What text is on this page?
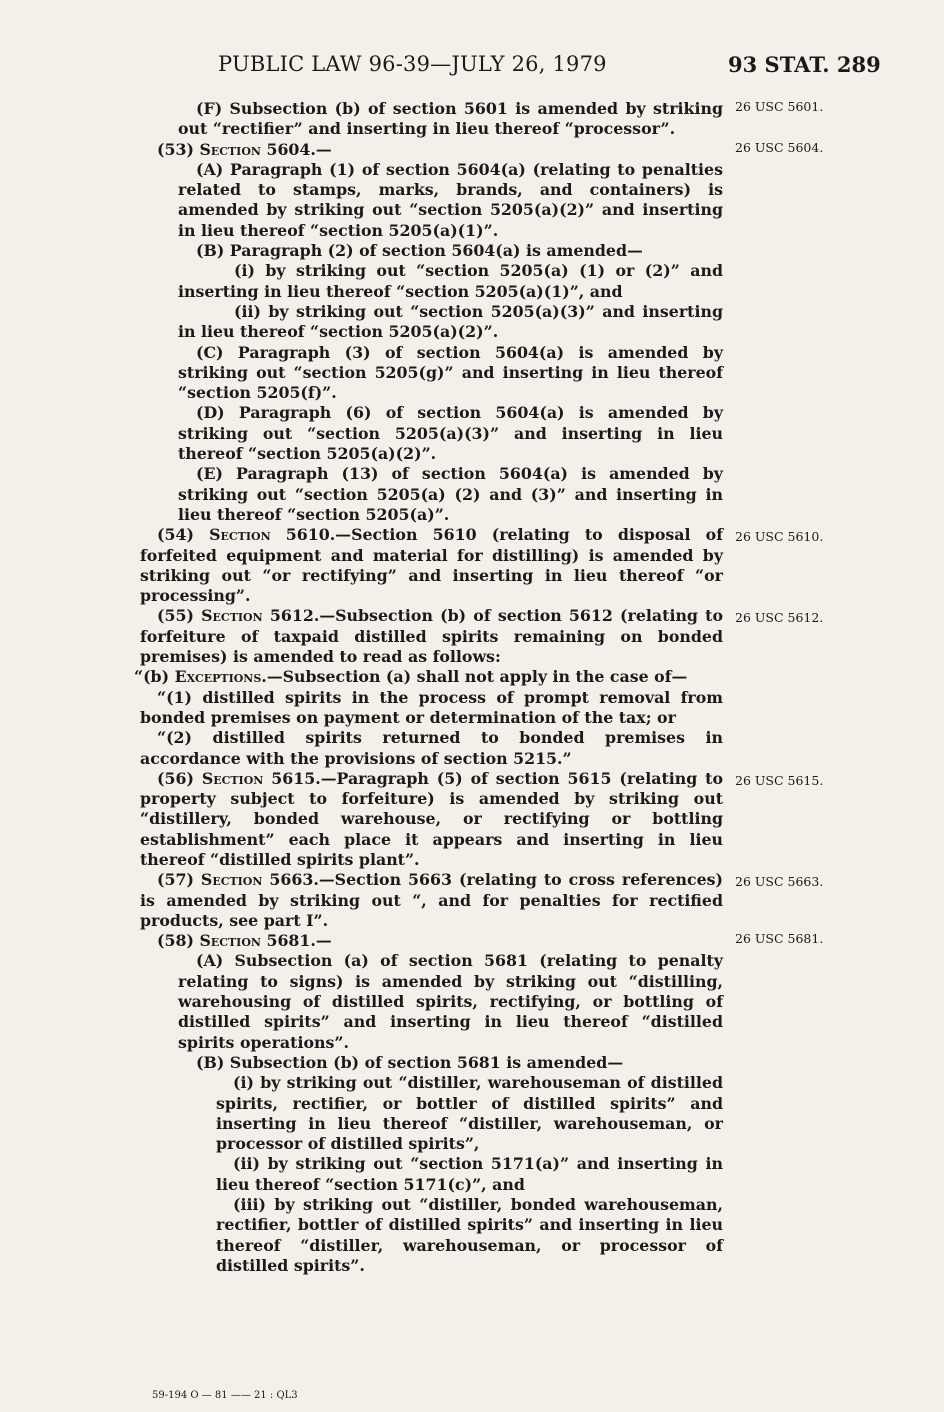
PUBLIC LAW 96-39—JULY 26, 1979	93 STAT. 289
26 USC 5601.
26 USC 5604.
26 USC 5610.
26 USC 5612.
26 USC 5615.
26 USC 5663.
26 USC 5681.

(F) Subsection (b) of section 5601 is amended by striking out “rectifier” and inserting in lieu thereof “processor”.

(53) Section 5604.—

(A) Paragraph (1) of section 5604(a) (relating to penalties related to stamps, marks, brands, and containers) is amended by striking out “section 5205(a)(2)” and inserting in lieu thereof “section 5205(a)(1)”.

(B) Paragraph (2) of section 5604(a) is amended—

(i) by striking out “section 5205(a) (1) or (2)” and inserting in lieu thereof “section 5205(a)(1)”, and

(ii) by striking out “section 5205(a)(3)” and inserting in lieu thereof “section 5205(a)(2)”.

(C) Paragraph (3) of section 5604(a) is amended by striking out “section 5205(g)” and inserting in lieu thereof “section 5205(f)”.

(D) Paragraph (6) of section 5604(a) is amended by striking out “section 5205(a)(3)” and inserting in lieu thereof “section 5205(a)(2)”.

(E) Paragraph (13) of section 5604(a) is amended by striking out “section 5205(a) (2) and (3)” and inserting in lieu thereof “section 5205(a)”.

(54) Section 5610.—Section 5610 (relating to disposal of forfeited equipment and material for distilling) is amended by striking out “or rectifying” and inserting in lieu thereof “or processing”.

(55) Section 5612.—Subsection (b) of section 5612 (relating to forfeiture of taxpaid distilled spirits remaining on bonded premises) is amended to read as follows:

“(b) Exceptions.—Subsection (a) shall not apply in the case of—

“(1) distilled spirits in the process of prompt removal from bonded premises on payment or determination of the tax; or

“(2) distilled spirits returned to bonded premises in accordance with the provisions of section 5215.”

(56) Section 5615.—Paragraph (5) of section 5615 (relating to property subject to forfeiture) is amended by striking out “distillery, bonded warehouse, or rectifying or bottling establishment” each place it appears and inserting in lieu thereof “distilled spirits plant”.

(57) Section 5663.—Section 5663 (relating to cross references) is amended by striking out “, and for penalties for rectified products, see part I”.

(58) Section 5681.—

(A) Subsection (a) of section 5681 (relating to penalty relating to signs) is amended by striking out “distilling, warehousing of distilled spirits, rectifying, or bottling of distilled spirits” and inserting in lieu thereof “distilled spirits operations”.

(B) Subsection (b) of section 5681 is amended—

(i) by striking out “distiller, warehouseman of distilled spirits, rectifier, or bottler of distilled spirits” and inserting in lieu thereof “distiller, warehouseman, or processor of distilled spirits”,

(ii) by striking out “section 5171(a)” and inserting in lieu thereof “section 5171(c)”, and

(iii) by striking out “distiller, bonded warehouseman, rectifier, bottler of distilled spirits” and inserting in lieu thereof “distiller, warehouseman, or processor of distilled spirits”.

59-194 O — 81 —— 21 : QL3
